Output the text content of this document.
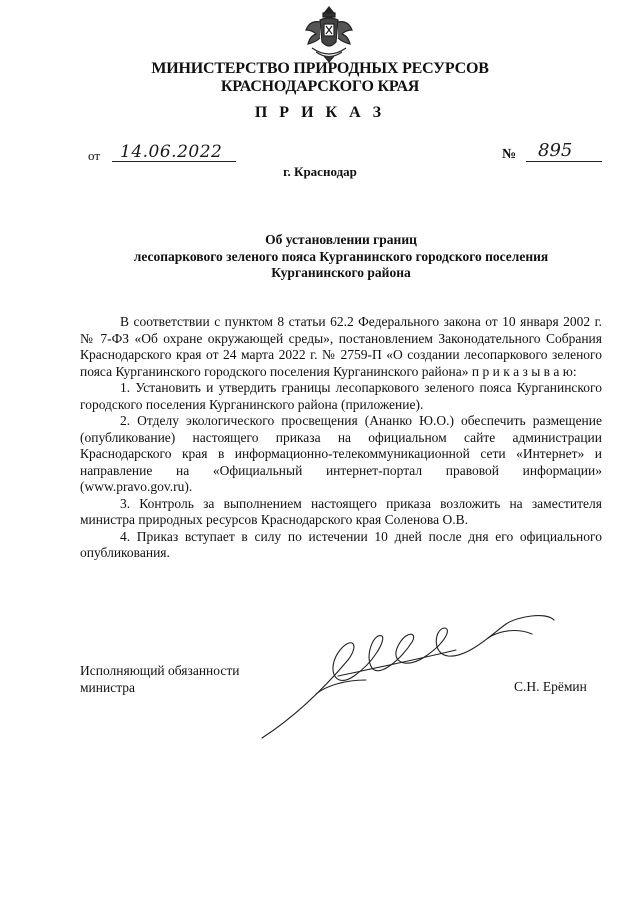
МИНИСТЕРСТВО ПРИРОДНЫХ РЕСУРСОВ
КРАСНОДАРСКОГО КРАЯ
П Р И К А З
от 14.06.2022	№ 895
г. Краснодар
Об установлении границ
лесопаркового зеленого пояса Курганинского городского поселения
Курганинского района

В соответствии с пунктом 8 статьи 62.2 Федерального закона от 10 января 2002 г. № 7-ФЗ «Об охране окружающей среды», постановлением Законодательного Собрания Краснодарского края от 24 марта 2022 г. № 2759-П «О создании лесопаркового зеленого пояса Курганинского городского поселения Курганинского района» п р и к а з ы в а ю:

1. Установить и утвердить границы лесопаркового зеленого пояса Курганинского городского поселения Курганинского района (приложение).

2. Отделу экологического просвещения (Ананко Ю.О.) обеспечить размещение (опубликование) настоящего приказа на официальном сайте администрации Краснодарского края в информационно-телекоммуникационной сети «Интернет» и направление на «Официальный интернет-портал правовой информации» (www.pravo.gov.ru).

3. Контроль за выполнением настоящего приказа возложить на заместителя министра природных ресурсов Краснодарского края Соленова О.В.

4. Приказ вступает в силу по истечении 10 дней после дня его официального опубликования.

Исполняющий обязанности
министра	С.Н. Ерёмин
